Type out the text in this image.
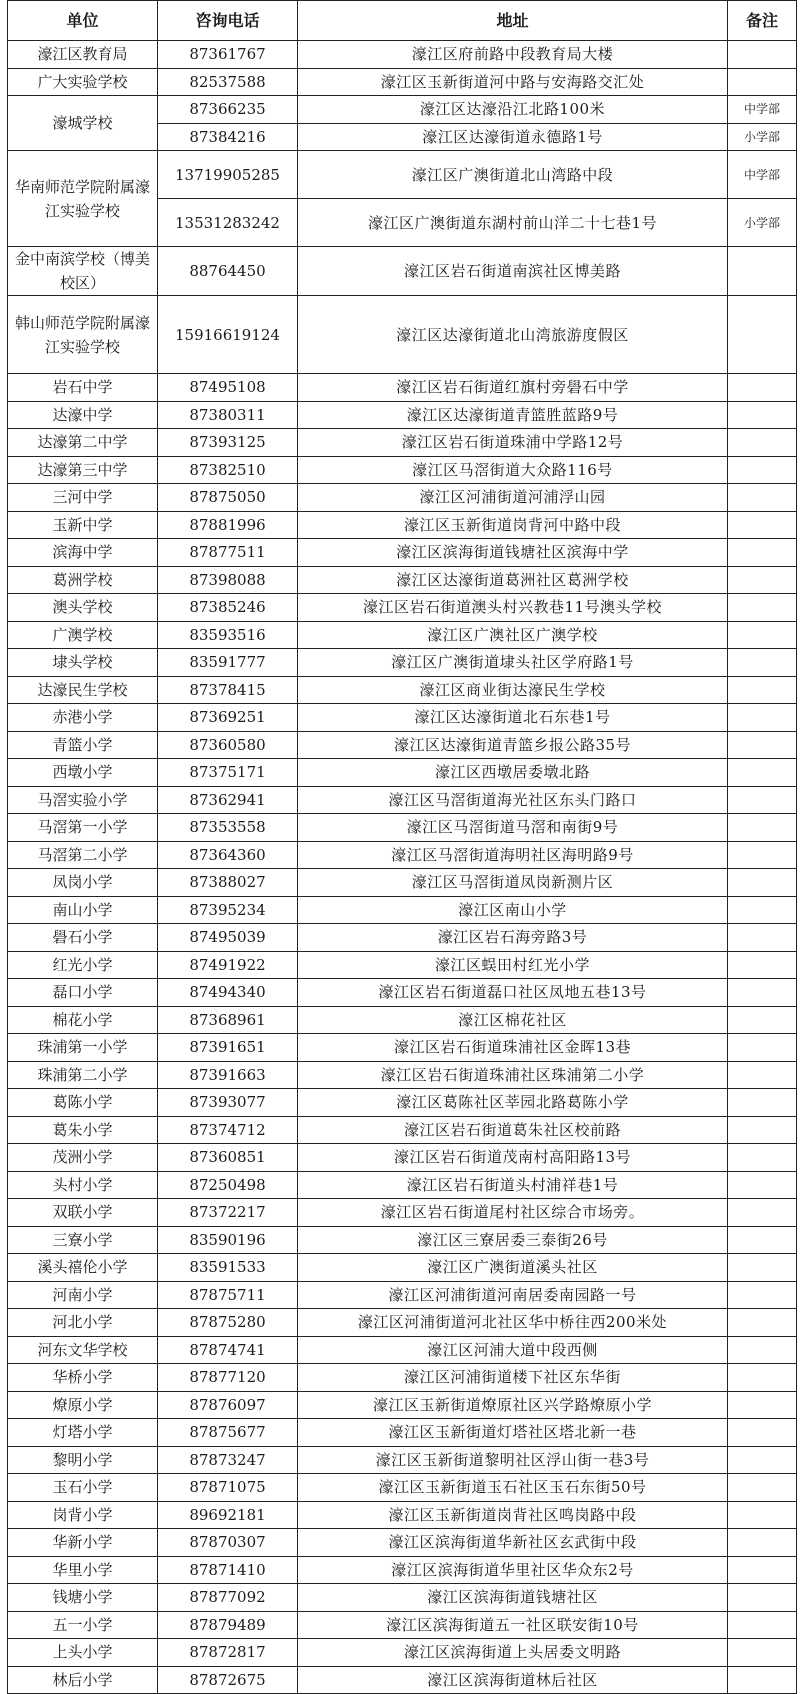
单位	咨询电话	地址	备注
濠江区教育局	87361767	濠江区府前路中段教育局大楼	
广大实验学校	82537588	濠江区玉新街道河中路与安海路交汇处	
濠城学校	87366235	濠江区达濠沿江北路100米	中学部
	87384216	濠江区达濠街道永德路1号	小学部
华南师范学院附属濠江实验学校	13719905285	濠江区广澳街道北山湾路中段	中学部
	13531283242	濠江区广澳街道东湖村前山洋二十七巷1号	小学部
金中南滨学校（博美校区）	88764450	濠江区岩石街道南滨社区博美路	
韩山师范学院附属濠江实验学校	15916619124	濠江区达濠街道北山湾旅游度假区	
岩石中学	87495108	濠江区岩石街道红旗村旁礐石中学	
达濠中学	87380311	濠江区达濠街道青篮胜蓝路9号	
达濠第二中学	87393125	濠江区岩石街道珠浦中学路12号	
达濠第三中学	87382510	濠江区马滘街道大众路116号	
三河中学	87875050	濠江区河浦街道河浦浮山园	
玉新中学	87881996	濠江区玉新街道岗背河中路中段	
滨海中学	87877511	濠江区滨海街道钱塘社区滨海中学	
葛洲学校	87398088	濠江区达濠街道葛洲社区葛洲学校	
澳头学校	87385246	濠江区岩石街道澳头村兴教巷11号澳头学校	
广澳学校	83593516	濠江区广澳社区广澳学校	
埭头学校	83591777	濠江区广澳街道埭头社区学府路1号	
达濠民生学校	87378415	濠江区商业街达濠民生学校	
赤港小学	87369251	濠江区达濠街道北石东巷1号	
青篮小学	87360580	濠江区达濠街道青篮乡报公路35号	
西墩小学	87375171	濠江区西墩居委墩北路	
马滘实验小学	87362941	濠江区马滘街道海光社区东头门路口	
马滘第一小学	87353558	濠江区马滘街道马滘和南街9号	
马滘第二小学	87364360	濠江区马滘街道海明社区海明路9号	
凤岗小学	87388027	濠江区马滘街道凤岗新测片区	
南山小学	87395234	濠江区南山小学	
礐石小学	87495039	濠江区岩石海旁路3号	
红光小学	87491922	濠江区蜈田村红光小学	
磊口小学	87494340	濠江区岩石街道磊口社区凤地五巷13号	
棉花小学	87368961	濠江区棉花社区	
珠浦第一小学	87391651	濠江区岩石街道珠浦社区金晖13巷	
珠浦第二小学	87391663	濠江区岩石街道珠浦社区珠浦第二小学	
葛陈小学	87393077	濠江区葛陈社区莘园北路葛陈小学	
葛朱小学	87374712	濠江区岩石街道葛朱社区校前路	
茂洲小学	87360851	濠江区岩石街道茂南村高阳路13号	
头村小学	87250498	濠江区岩石街道头村浦祥巷1号	
双联小学	87372217	濠江区岩石街道尾村社区综合市场旁。	
三寮小学	83590196	濠江区三寮居委三泰街26号	
溪头禧伦小学	83591533	濠江区广澳街道溪头社区	
河南小学	87875711	濠江区河浦街道河南居委南园路一号	
河北小学	87875280	濠江区河浦街道河北社区华中桥往西200米处	
河东文华学校	87874741	濠江区河浦大道中段西侧	
华桥小学	87877120	濠江区河浦街道楼下社区东华街	
燎原小学	87876097	濠江区玉新街道燎原社区兴学路燎原小学	
灯塔小学	87875677	濠江区玉新街道灯塔社区塔北新一巷	
黎明小学	87873247	濠江区玉新街道黎明社区浮山街一巷3号	
玉石小学	87871075	濠江区玉新街道玉石社区玉石东街50号	
岗背小学	89692181	濠江区玉新街道岗背社区鸣岗路中段	
华新小学	87870307	濠江区滨海街道华新社区玄武街中段	
华里小学	87871410	濠江区滨海街道华里社区华众东2号	
钱塘小学	87877092	濠江区滨海街道钱塘社区	
五一小学	87879489	濠江区滨海街道五一社区联安街10号	
上头小学	87872817	濠江区滨海街道上头居委文明路	
林后小学	87872675	濠江区滨海街道林后社区	
